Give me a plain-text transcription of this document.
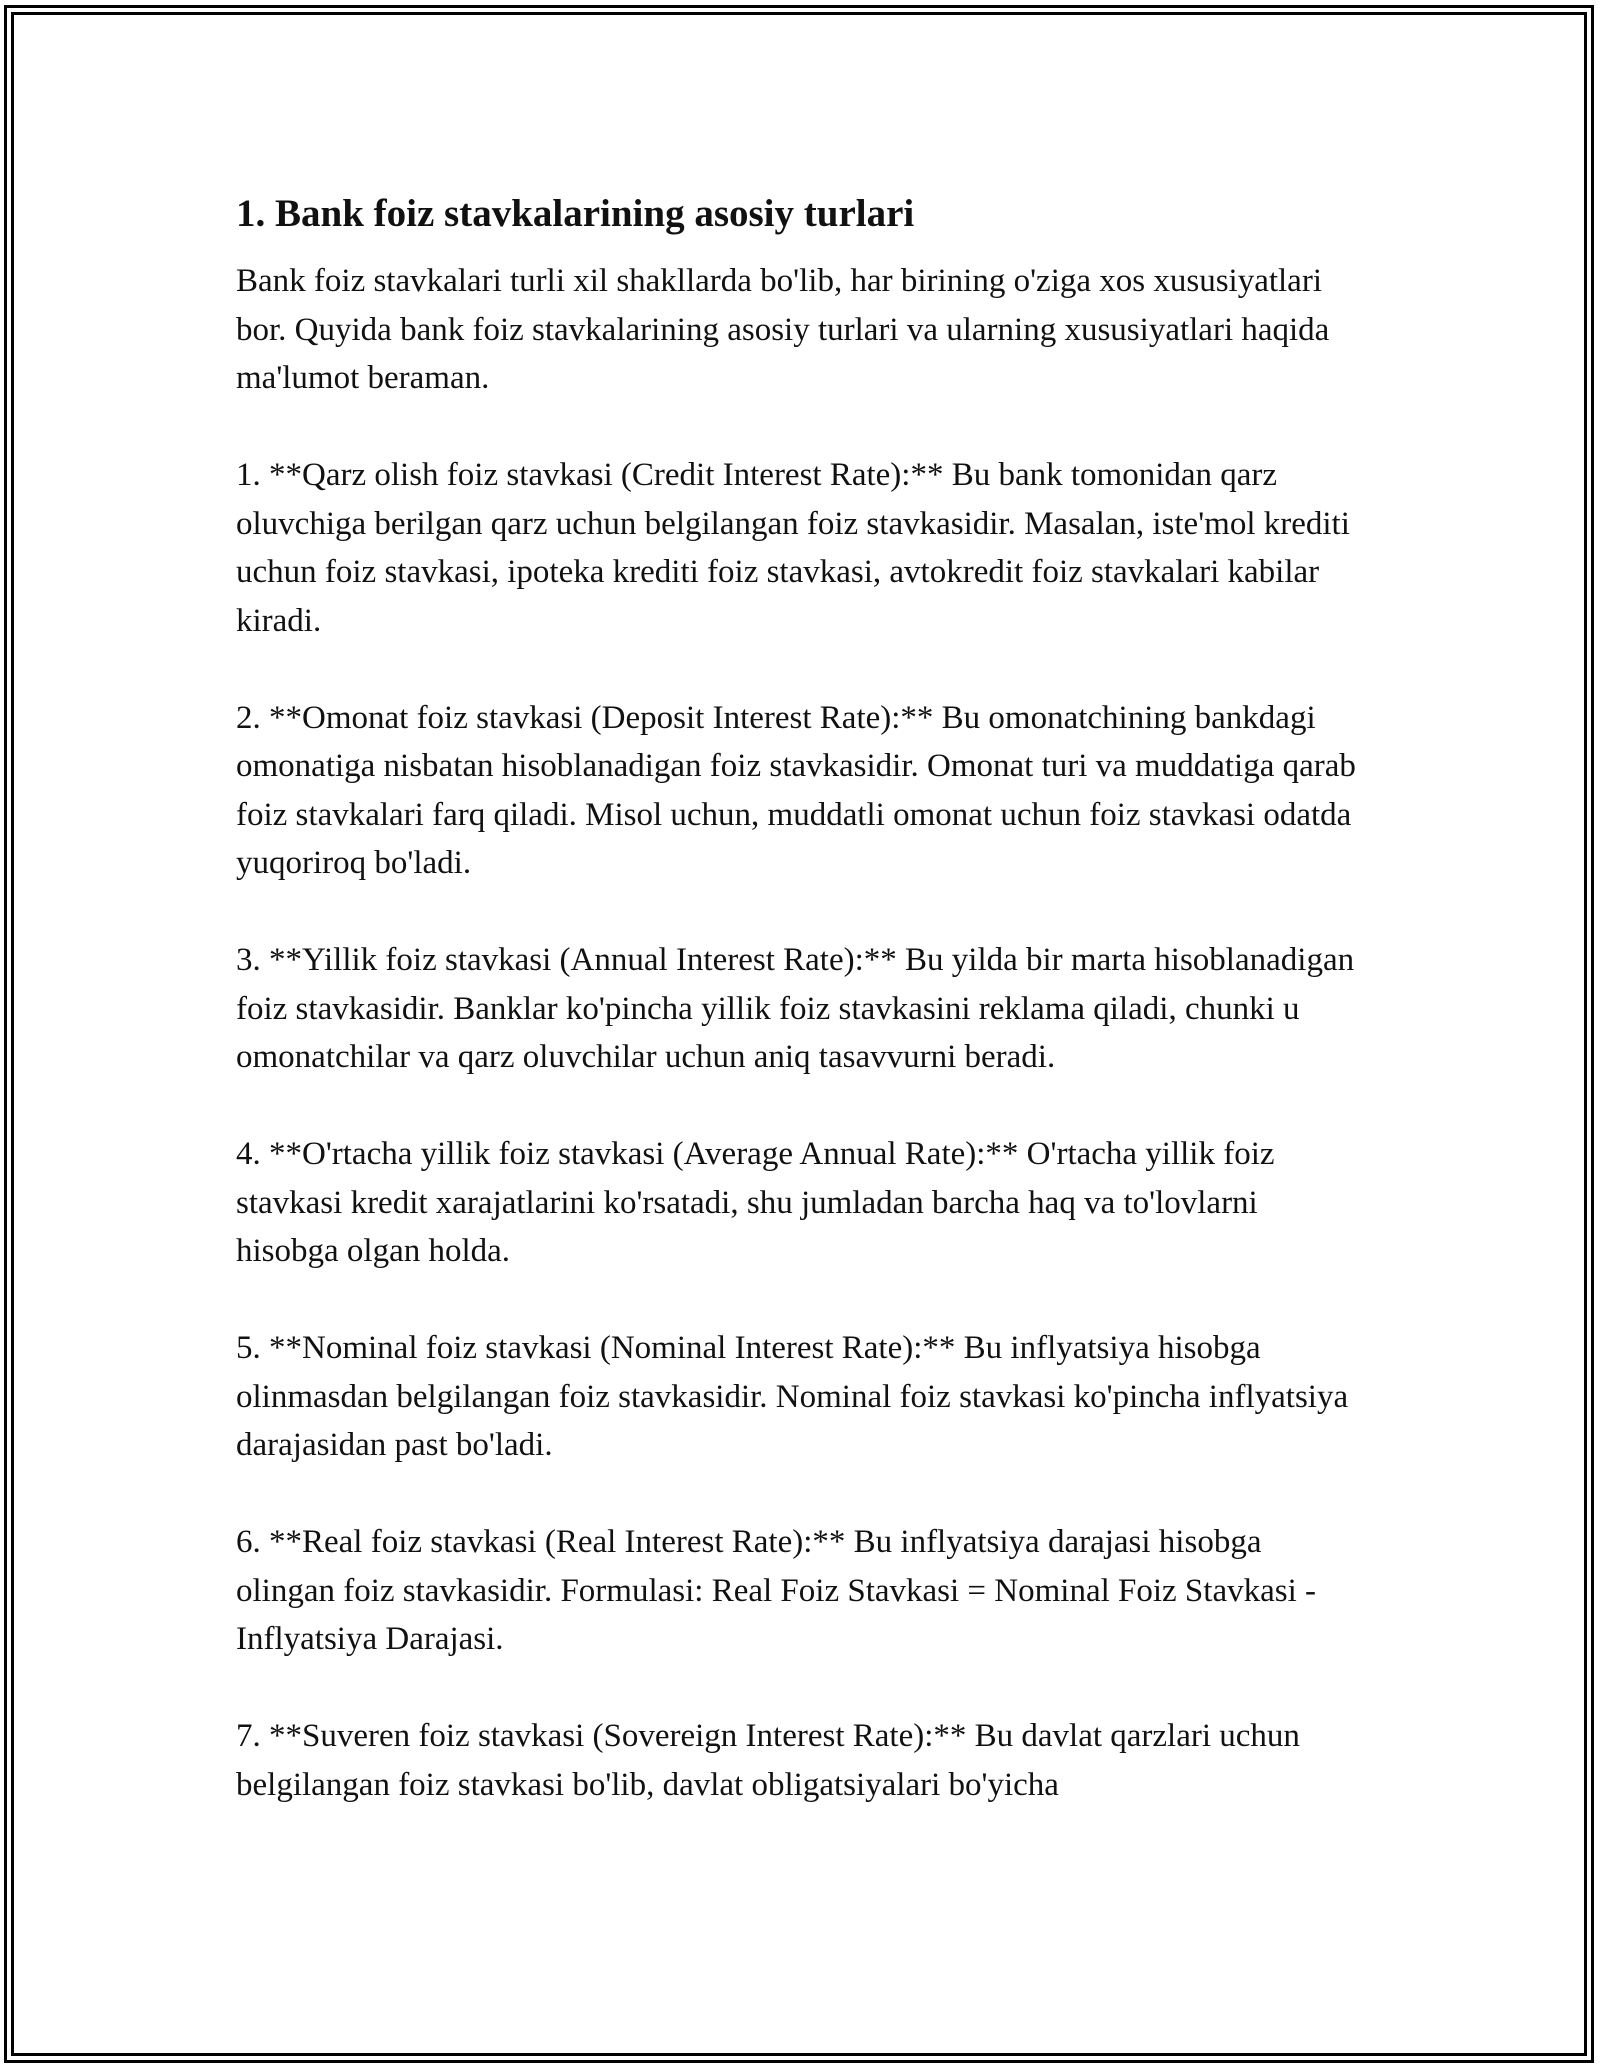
1. Bank foiz stavkalarining asosiy turlari

Bank foiz stavkalari turli xil shakllarda bo'lib, har birining o'ziga xos xususiyatlari bor. Quyida bank foiz stavkalarining asosiy turlari va ularning xususiyatlari haqida ma'lumot beraman.

1. **Qarz olish foiz stavkasi (Credit Interest Rate):** Bu bank tomonidan qarz oluvchiga berilgan qarz uchun belgilangan foiz stavkasidir. Masalan, iste'mol krediti uchun foiz stavkasi, ipoteka krediti foiz stavkasi, avtokredit foiz stavkalari kabilar kiradi.

2. **Omonat foiz stavkasi (Deposit Interest Rate):** Bu omonatchining bankdagi omonatiga nisbatan hisoblanadigan foiz stavkasidir. Omonat turi va muddatiga qarab foiz stavkalari farq qiladi. Misol uchun, muddatli omonat uchun foiz stavkasi odatda yuqoriroq bo'ladi.

3. **Yillik foiz stavkasi (Annual Interest Rate):** Bu yilda bir marta hisoblanadigan foiz stavkasidir. Banklar ko'pincha yillik foiz stavkasini reklama qiladi, chunki u omonatchilar va qarz oluvchilar uchun aniq tasavvurni beradi.

4. **O'rtacha yillik foiz stavkasi (Average Annual Rate):** O'rtacha yillik foiz stavkasi kredit xarajatlarini ko'rsatadi, shu jumladan barcha haq va to'lovlarni hisobga olgan holda.

5. **Nominal foiz stavkasi (Nominal Interest Rate):** Bu inflyatsiya hisobga olinmasdan belgilangan foiz stavkasidir. Nominal foiz stavkasi ko'pincha inflyatsiya darajasidan past bo'ladi.

6. **Real foiz stavkasi (Real Interest Rate):** Bu inflyatsiya darajasi hisobga olingan foiz stavkasidir. Formulasi: Real Foiz Stavkasi = Nominal Foiz Stavkasi - Inflyatsiya Darajasi.

7. **Suveren foiz stavkasi (Sovereign Interest Rate):** Bu davlat qarzlari uchun belgilangan foiz stavkasi bo'lib, davlat obligatsiyalari bo'yicha
